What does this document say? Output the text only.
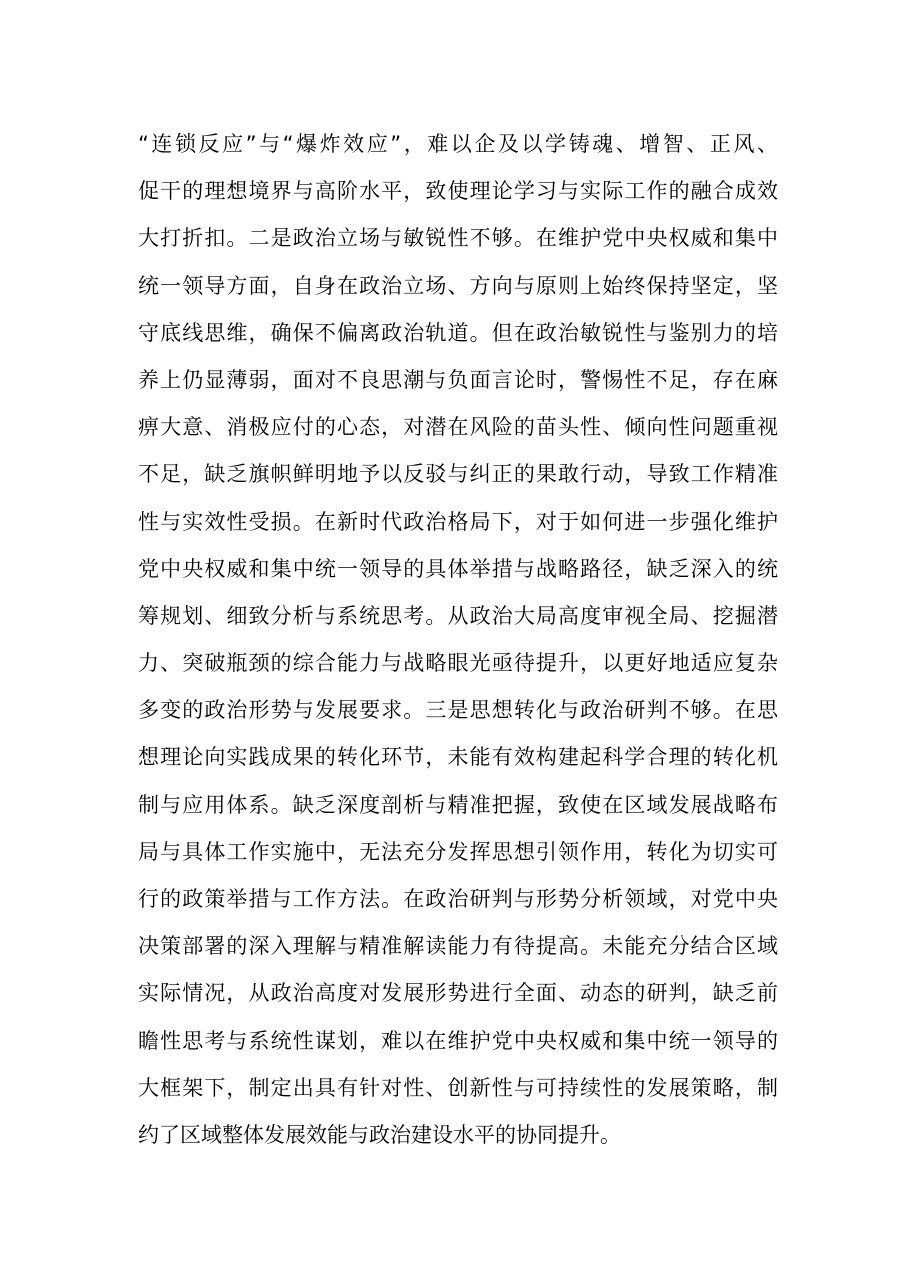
“连锁反应”与“爆炸效应”，难以企及以学铸魂、增智、正风、
促干的理想境界与高阶水平，致使理论学习与实际工作的融合成效
大打折扣。二是政治立场与敏锐性不够。在维护党中央权威和集中
统一领导方面，自身在政治立场、方向与原则上始终保持坚定，坚
守底线思维，确保不偏离政治轨道。但在政治敏锐性与鉴别力的培
养上仍显薄弱，面对不良思潮与负面言论时，警惕性不足，存在麻
痹大意、消极应付的心态，对潜在风险的苗头性、倾向性问题重视
不足，缺乏旗帜鲜明地予以反驳与纠正的果敢行动，导致工作精准
性与实效性受损。在新时代政治格局下，对于如何进一步强化维护
党中央权威和集中统一领导的具体举措与战略路径，缺乏深入的统
筹规划、细致分析与系统思考。从政治大局高度审视全局、挖掘潜
力、突破瓶颈的综合能力与战略眼光亟待提升，以更好地适应复杂
多变的政治形势与发展要求。三是思想转化与政治研判不够。在思
想理论向实践成果的转化环节，未能有效构建起科学合理的转化机
制与应用体系。缺乏深度剖析与精准把握，致使在区域发展战略布
局与具体工作实施中，无法充分发挥思想引领作用，转化为切实可
行的政策举措与工作方法。在政治研判与形势分析领域，对党中央
决策部署的深入理解与精准解读能力有待提高。未能充分结合区域
实际情况，从政治高度对发展形势进行全面、动态的研判，缺乏前
瞻性思考与系统性谋划，难以在维护党中央权威和集中统一领导的
大框架下，制定出具有针对性、创新性与可持续性的发展策略，制
约了区域整体发展效能与政治建设水平的协同提升。
